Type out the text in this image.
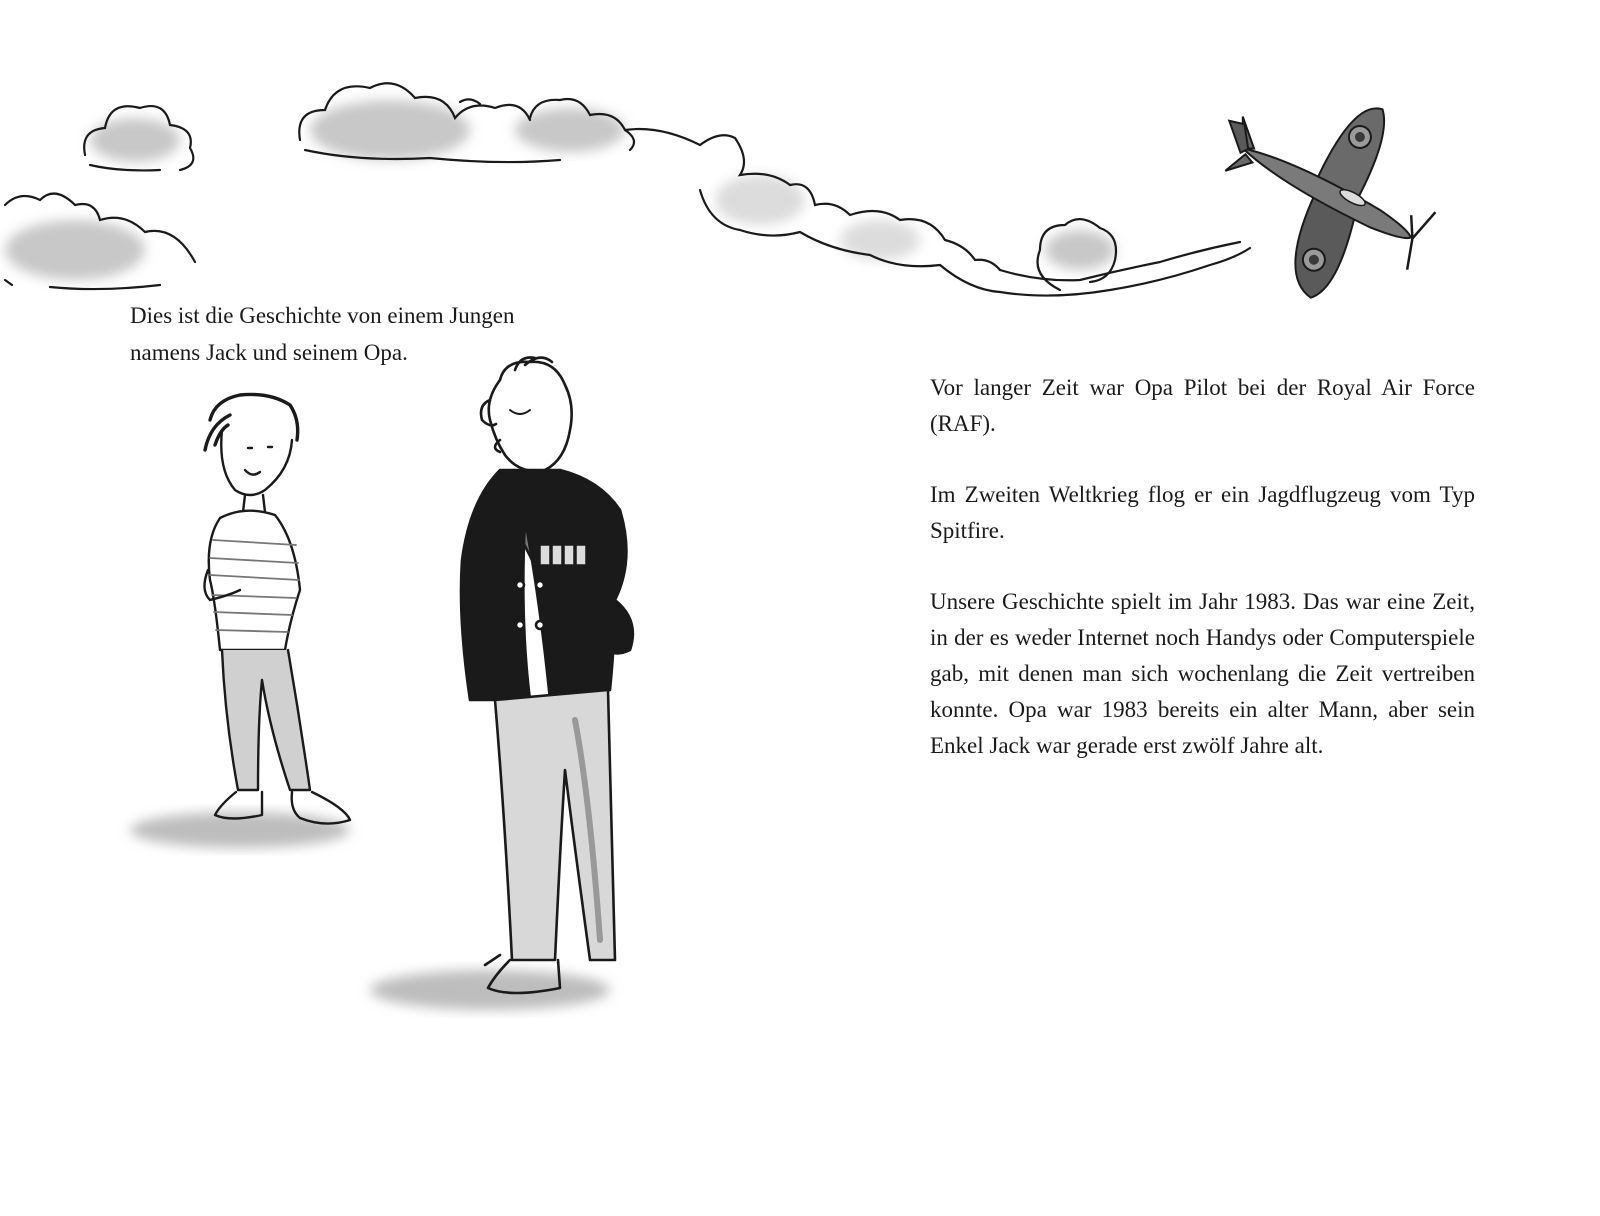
Dies ist die Geschichte von einem Jungen
namens Jack und seinem Opa.

Vor langer Zeit war Opa Pilot bei der Royal Air Force (RAF).

Im Zweiten Weltkrieg flog er ein Jagdflugzeug vom Typ Spitfire.

Unsere Geschichte spielt im Jahr 1983. Das war eine Zeit, in der es weder Internet noch Handys oder Computerspiele gab, mit denen man sich wochenlang die Zeit vertreiben konnte. Opa war 1983 bereits ein alter Mann, aber sein Enkel Jack war gerade erst zwölf Jahre alt.
